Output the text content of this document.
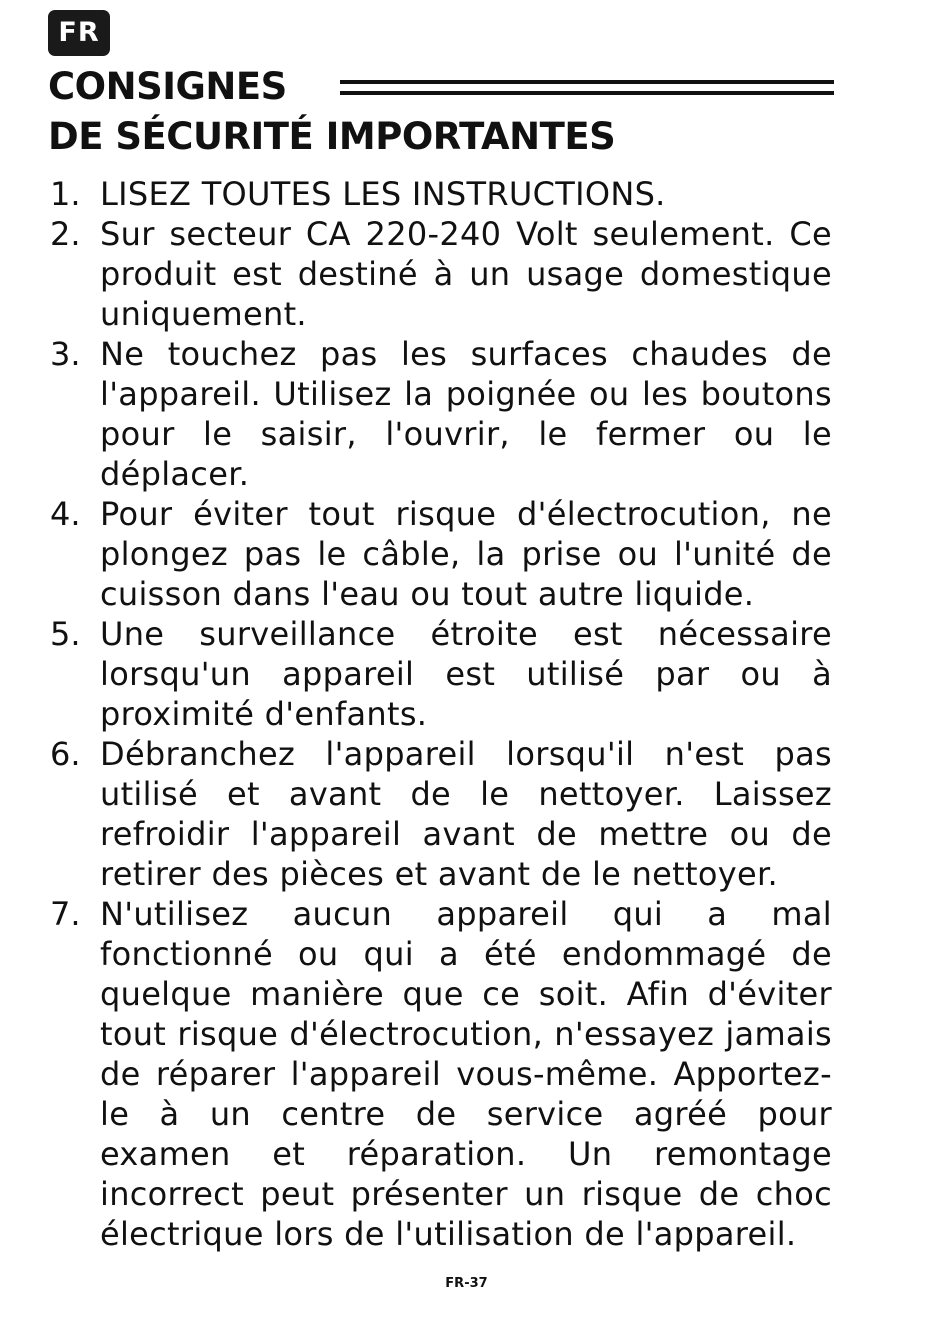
FR
CONSIGNES
DE SÉCURITÉ IMPORTANTES
1. LISEZ TOUTES LES INSTRUCTIONS.
2. Sur secteur CA 220-240 Volt seulement. Ce produit est destiné à un usage domestique uniquement.
3. Ne touchez pas les surfaces chaudes de l'appareil. Utilisez la poignée ou les boutons pour le saisir, l'ouvrir, le fermer ou le déplacer.
4. Pour éviter tout risque d'électrocution, ne plongez pas le câble, la prise ou l'unité de cuisson dans l'eau ou tout autre liquide.
5. Une surveillance étroite est nécessaire lorsqu'un appareil est utilisé par ou à proximité d'enfants.
6. Débranchez l'appareil lorsqu'il n'est pas utilisé et avant de le nettoyer. Laissez refroidir l'appareil avant de mettre ou de retirer des pièces et avant de le nettoyer.
7. N'utilisez aucun appareil qui a mal fonctionné ou qui a été endommagé de quelque manière que ce soit. Afin d'éviter tout risque d'électrocution, n'essayez jamais de réparer l'appareil vous-même. Apportez-le à un centre de service agréé pour examen et réparation. Un remontage incorrect peut présenter un risque de choc électrique lors de l'utilisation de l'appareil.
FR-37
